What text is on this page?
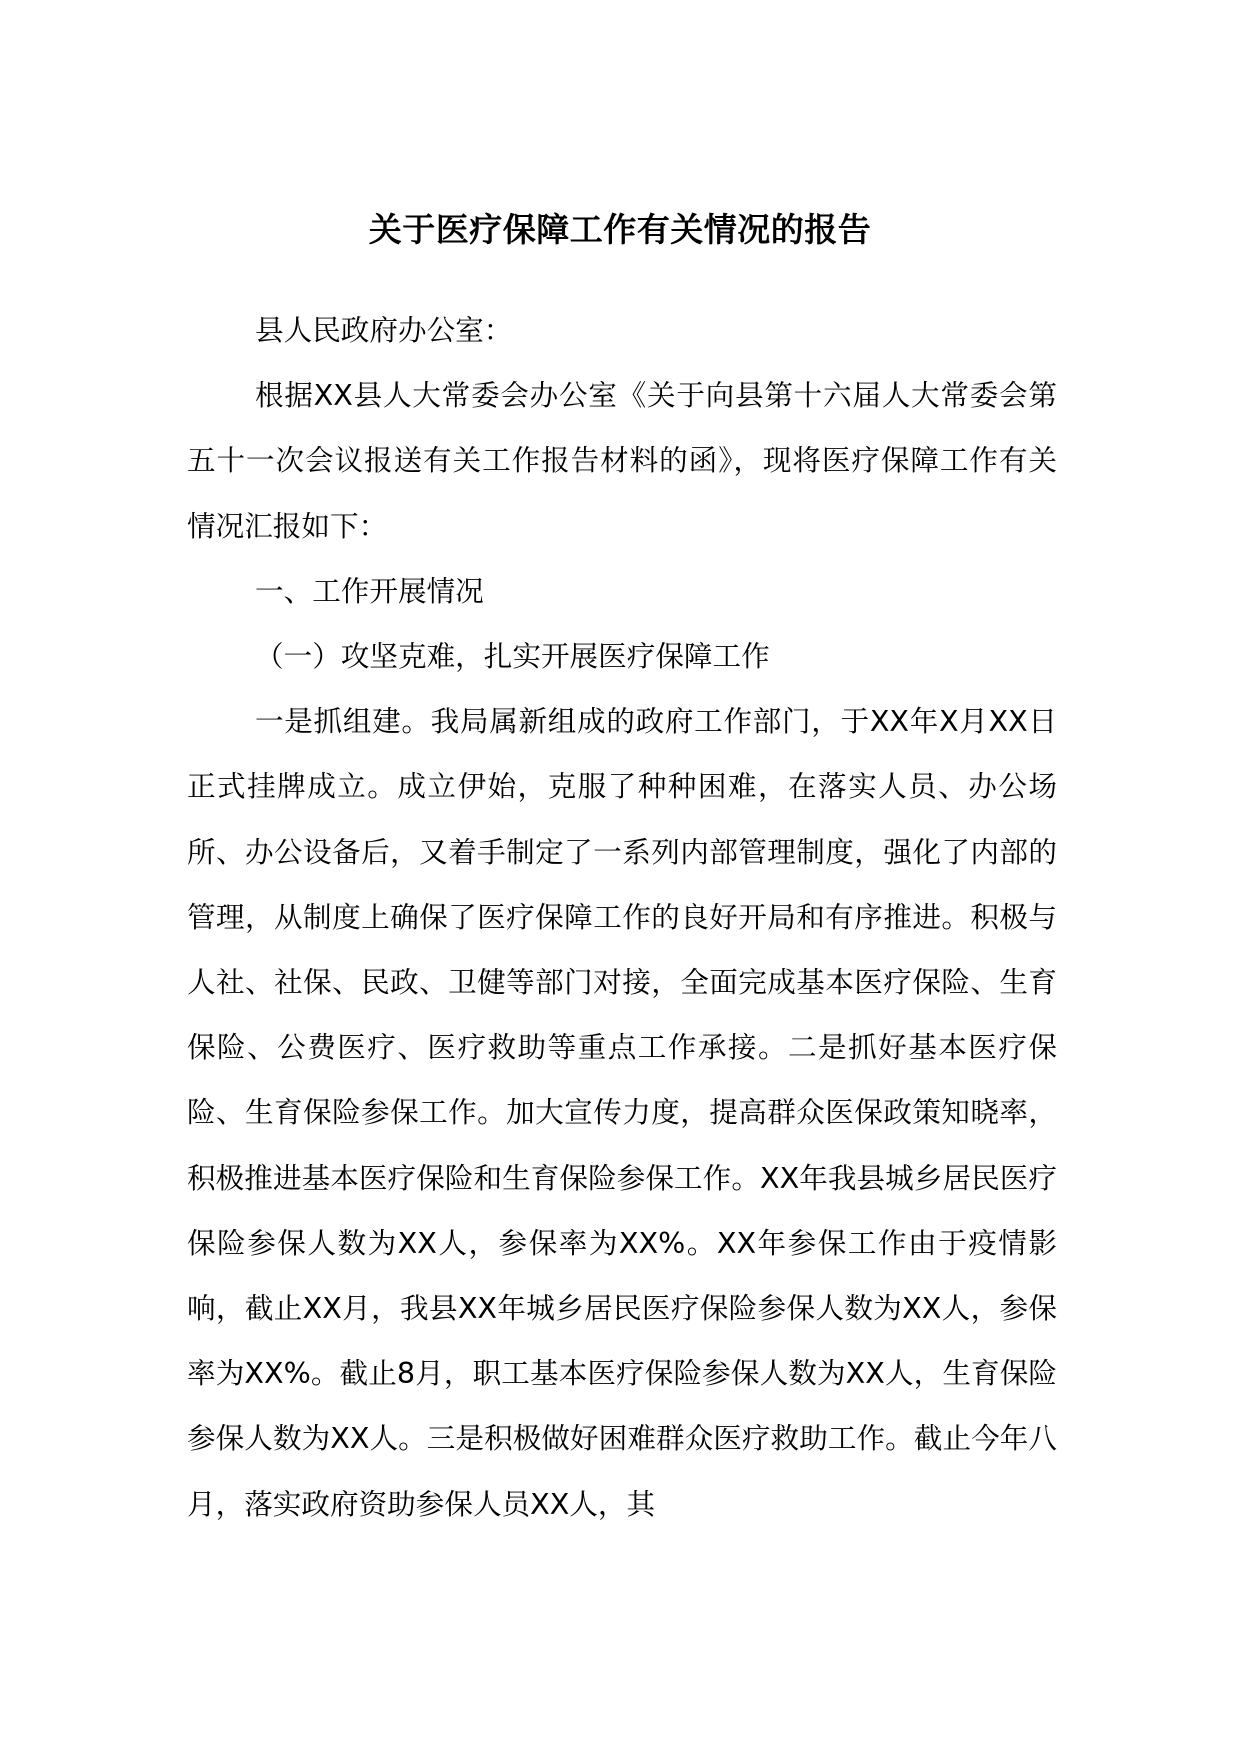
关于医疗保障工作有关情况的报告

县人民政府办公室：

根据XX县人大常委会办公室《关于向县第十六届人大常委会第五十一次会议报送有关工作报告材料的函》，现将医疗保障工作有关情况汇报如下：

一、工作开展情况

（一）攻坚克难，扎实开展医疗保障工作

一是抓组建。我局属新组成的政府工作部门，于XX年X月XX日正式挂牌成立。成立伊始，克服了种种困难，在落实人员、办公场所、办公设备后，又着手制定了一系列内部管理制度，强化了内部的管理，从制度上确保了医疗保障工作的良好开局和有序推进。积极与人社、社保、民政、卫健等部门对接，全面完成基本医疗保险、生育保险、公费医疗、医疗救助等重点工作承接。二是抓好基本医疗保险、生育保险参保工作。加大宣传力度，提高群众医保政策知晓率，积极推进基本医疗保险和生育保险参保工作。XX年我县城乡居民医疗保险参保人数为XX人，参保率为XX%。XX年参保工作由于疫情影响，截止XX月，我县XX年城乡居民医疗保险参保人数为XX人，参保率为XX%。截止8月，职工基本医疗保险参保人数为XX人，生育保险参保人数为XX人。三是积极做好困难群众医疗救助工作。截止今年八月，落实政府资助参保人员XX人，其
